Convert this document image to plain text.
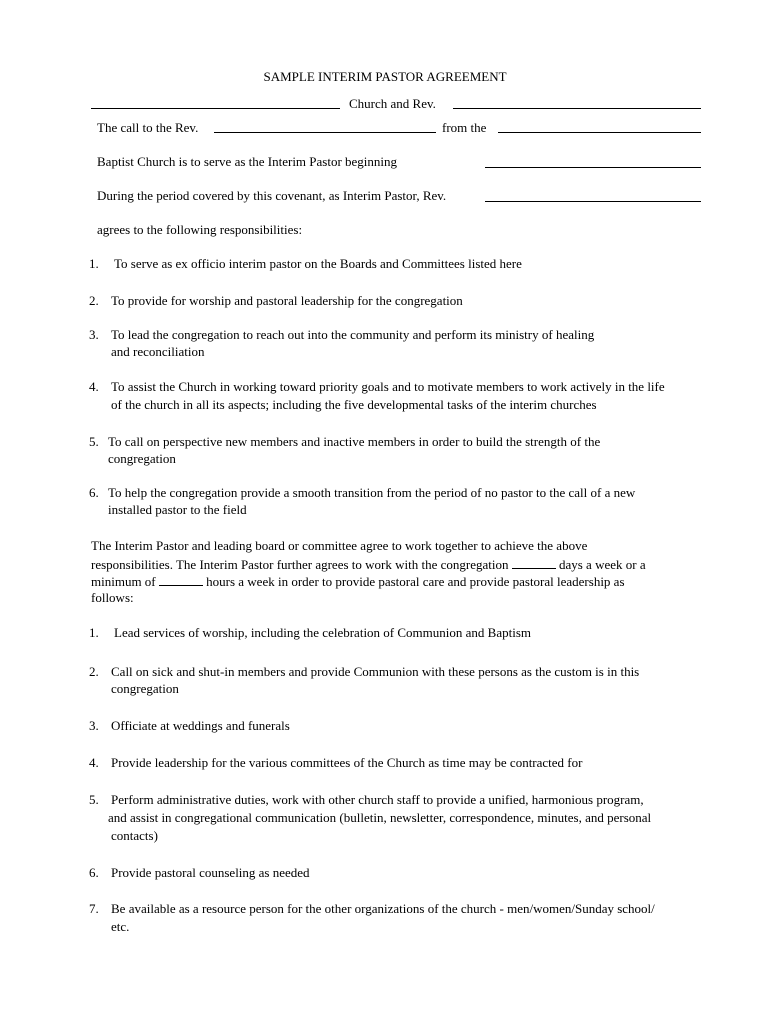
SAMPLE INTERIM PASTOR AGREEMENT
Church and Rev.
The call to the Rev.	from the
Baptist Church is to serve as the Interim Pastor beginning
During the period covered by this covenant, as Interim Pastor, Rev.
agrees to the following responsibilities:
1. To serve as ex officio interim pastor on the Boards and Committees listed here
2. To provide for worship and pastoral leadership for the congregation
3. To lead the congregation to reach out into the community and perform its ministry of healing
and reconciliation
4. To assist the Church in working toward priority goals and to motivate members to work actively in the life
of the church in all its aspects; including the five developmental tasks of the interim churches
5. To call on perspective new members and inactive members in order to build the strength of the
congregation
6. To help the congregation provide a smooth transition from the period of no pastor to the call of a new
installed pastor to the field
The Interim Pastor and leading board or committee agree to work together to achieve the above
responsibilities. The Interim Pastor further agrees to work with the congregation	days a week or a
minimum of	hours a week in order to provide pastoral care and provide pastoral leadership as
follows:
1. Lead services of worship, including the celebration of Communion and Baptism
2. Call on sick and shut-in members and provide Communion with these persons as the custom is in this
congregation
3. Officiate at weddings and funerals
4. Provide leadership for the various committees of the Church as time may be contracted for
5. Perform administrative duties, work with other church staff to provide a unified, harmonious program,
and assist in congregational communication (bulletin, newsletter, correspondence, minutes, and personal
contacts)
6. Provide pastoral counseling as needed
7. Be available as a resource person for the other organizations of the church - men/women/Sunday school/
etc.
